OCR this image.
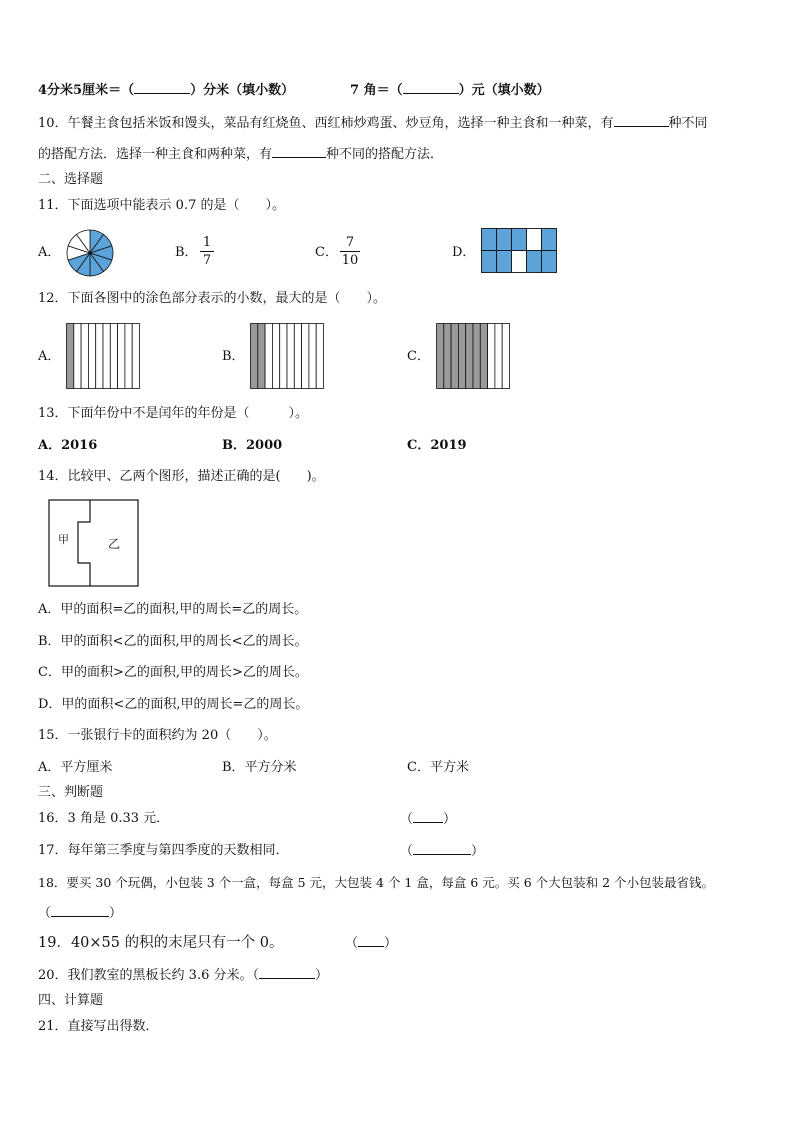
4分米5厘米＝（	）分米（填小数）	7 角＝（	）元（填小数）
10．午餐主食包括米饭和馒头，菜品有红烧鱼、西红柿炒鸡蛋、炒豆角，选择一种主食和一种菜，有	种不同
的搭配方法．选择一种主食和两种菜，有	种不同的搭配方法．
二、选择题
11．下面选项中能表示 0.7 的是（　　）。
A．	B．
1
7
C．
7
10
D．
12．下面各图中的涂色部分表示的小数，最大的是（　　）。
A．	B．	C．
13．下面年份中不是闰年的年份是（　　　）。
A．2016	B．2000	C．2019
14．比较甲、乙两个图形，描述正确的是(　　)。
甲	乙
A．甲的面积=乙的面积,甲的周长=乙的周长。
B．甲的面积<乙的面积,甲的周长<乙的周长。
C．甲的面积>乙的面积,甲的周长>乙的周长。
D．甲的面积<乙的面积,甲的周长=乙的周长。
15．一张银行卡的面积约为 20（　　）。
A．平方厘米	B．平方分米	C．平方米
三、判断题
16．3 角是 0.33 元．	（ ）
17．每年第三季度与第四季度的天数相同．	（	）
18．要买 30 个玩偶，小包装 3 个一盒，每盒 5 元，大包装 4 个 1 盒，每盒 6 元。买 6 个大包装和 2 个小包装最省钱。
（	）
19．40×55 的积的末尾只有一个 0。	（ ）
20．我们教室的黑板长约 3.6 分米。（	）
四、计算题
21．直接写出得数．
